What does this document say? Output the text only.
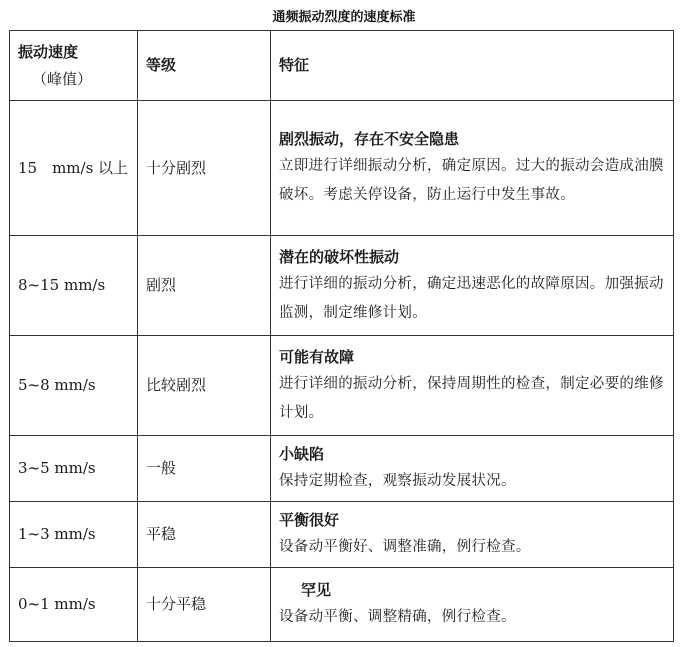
通频振动烈度的速度标准
振动速度
（峰值）	等级	特征
15　mm/s 以上	十分剧烈	剧烈振动，存在不安全隐患
立即进行详细振动分析，确定原因。过大的振动会造成油膜破坏。考虑关停设备，防止运行中发生事故。

8~15 mm/s	剧烈	潜在的破坏性振动
进行详细的振动分析，确定迅速恶化的故障原因。加强振动监测，制定维修计划。

5~8 mm/s	比较剧烈	可能有故障
进行详细的振动分析，保持周期性的检查，制定必要的维修计划。

3~5 mm/s	一般	小缺陷
保持定期检查，观察振动发展状况。

1~3 mm/s	平稳	平衡很好
设备动平衡好、调整准确，例行检查。

0~1 mm/s	十分平稳	罕见
设备动平衡、调整精确，例行检查。
